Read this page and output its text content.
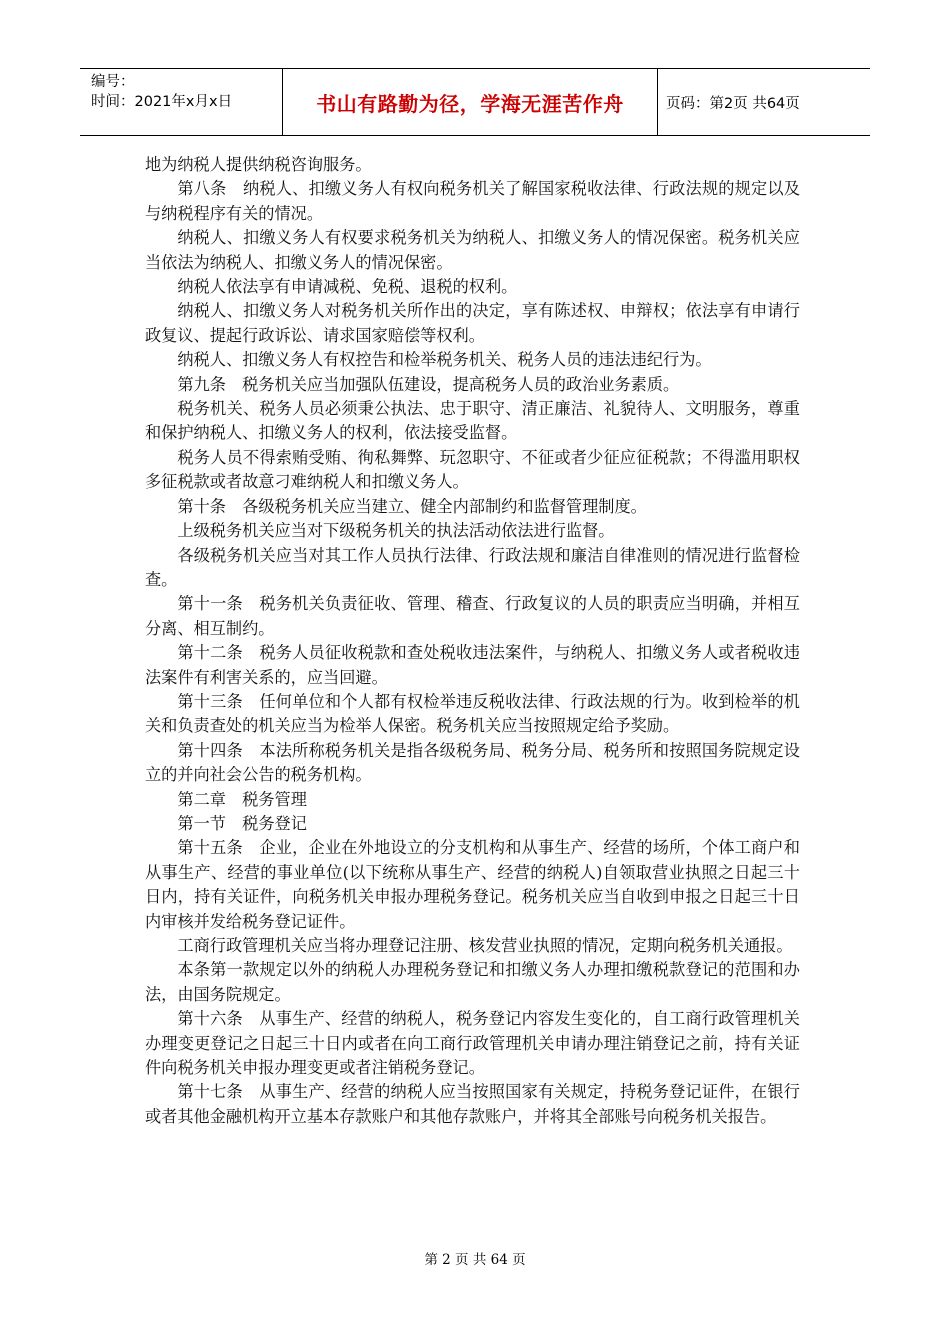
编号：
时间：2021年x月x日	书山有路勤为径，学海无涯苦作舟	页码：第2页 共64页

地为纳税人提供纳税咨询服务。

第八条　纳税人、扣缴义务人有权向税务机关了解国家税收法律、行政法规的规定以及与纳税程序有关的情况。

纳税人、扣缴义务人有权要求税务机关为纳税人、扣缴义务人的情况保密。税务机关应当依法为纳税人、扣缴义务人的情况保密。

纳税人依法享有申请减税、免税、退税的权利。

纳税人、扣缴义务人对税务机关所作出的决定，享有陈述权、申辩权；依法享有申请行政复议、提起行政诉讼、请求国家赔偿等权利。

纳税人、扣缴义务人有权控告和检举税务机关、税务人员的违法违纪行为。

第九条　税务机关应当加强队伍建设，提高税务人员的政治业务素质。

税务机关、税务人员必须秉公执法、忠于职守、清正廉洁、礼貌待人、文明服务，尊重和保护纳税人、扣缴义务人的权利，依法接受监督。

税务人员不得索贿受贿、徇私舞弊、玩忽职守、不征或者少征应征税款；不得滥用职权多征税款或者故意刁难纳税人和扣缴义务人。

第十条　各级税务机关应当建立、健全内部制约和监督管理制度。

上级税务机关应当对下级税务机关的执法活动依法进行监督。

各级税务机关应当对其工作人员执行法律、行政法规和廉洁自律准则的情况进行监督检查。

第十一条　税务机关负责征收、管理、稽查、行政复议的人员的职责应当明确，并相互分离、相互制约。

第十二条　税务人员征收税款和查处税收违法案件，与纳税人、扣缴义务人或者税收违法案件有利害关系的，应当回避。

第十三条　任何单位和个人都有权检举违反税收法律、行政法规的行为。收到检举的机关和负责查处的机关应当为检举人保密。税务机关应当按照规定给予奖励。

第十四条　本法所称税务机关是指各级税务局、税务分局、税务所和按照国务院规定设立的并向社会公告的税务机构。

第二章　税务管理

第一节　税务登记

第十五条　企业，企业在外地设立的分支机构和从事生产、经营的场所，个体工商户和从事生产、经营的事业单位(以下统称从事生产、经营的纳税人)自领取营业执照之日起三十日内，持有关证件，向税务机关申报办理税务登记。税务机关应当自收到申报之日起三十日内审核并发给税务登记证件。

工商行政管理机关应当将办理登记注册、核发营业执照的情况，定期向税务机关通报。

本条第一款规定以外的纳税人办理税务登记和扣缴义务人办理扣缴税款登记的范围和办法，由国务院规定。

第十六条　从事生产、经营的纳税人，税务登记内容发生变化的，自工商行政管理机关办理变更登记之日起三十日内或者在向工商行政管理机关申请办理注销登记之前，持有关证件向税务机关申报办理变更或者注销税务登记。

第十七条　从事生产、经营的纳税人应当按照国家有关规定，持税务登记证件，在银行或者其他金融机构开立基本存款账户和其他存款账户，并将其全部账号向税务机关报告。

第 2 页 共 64 页
